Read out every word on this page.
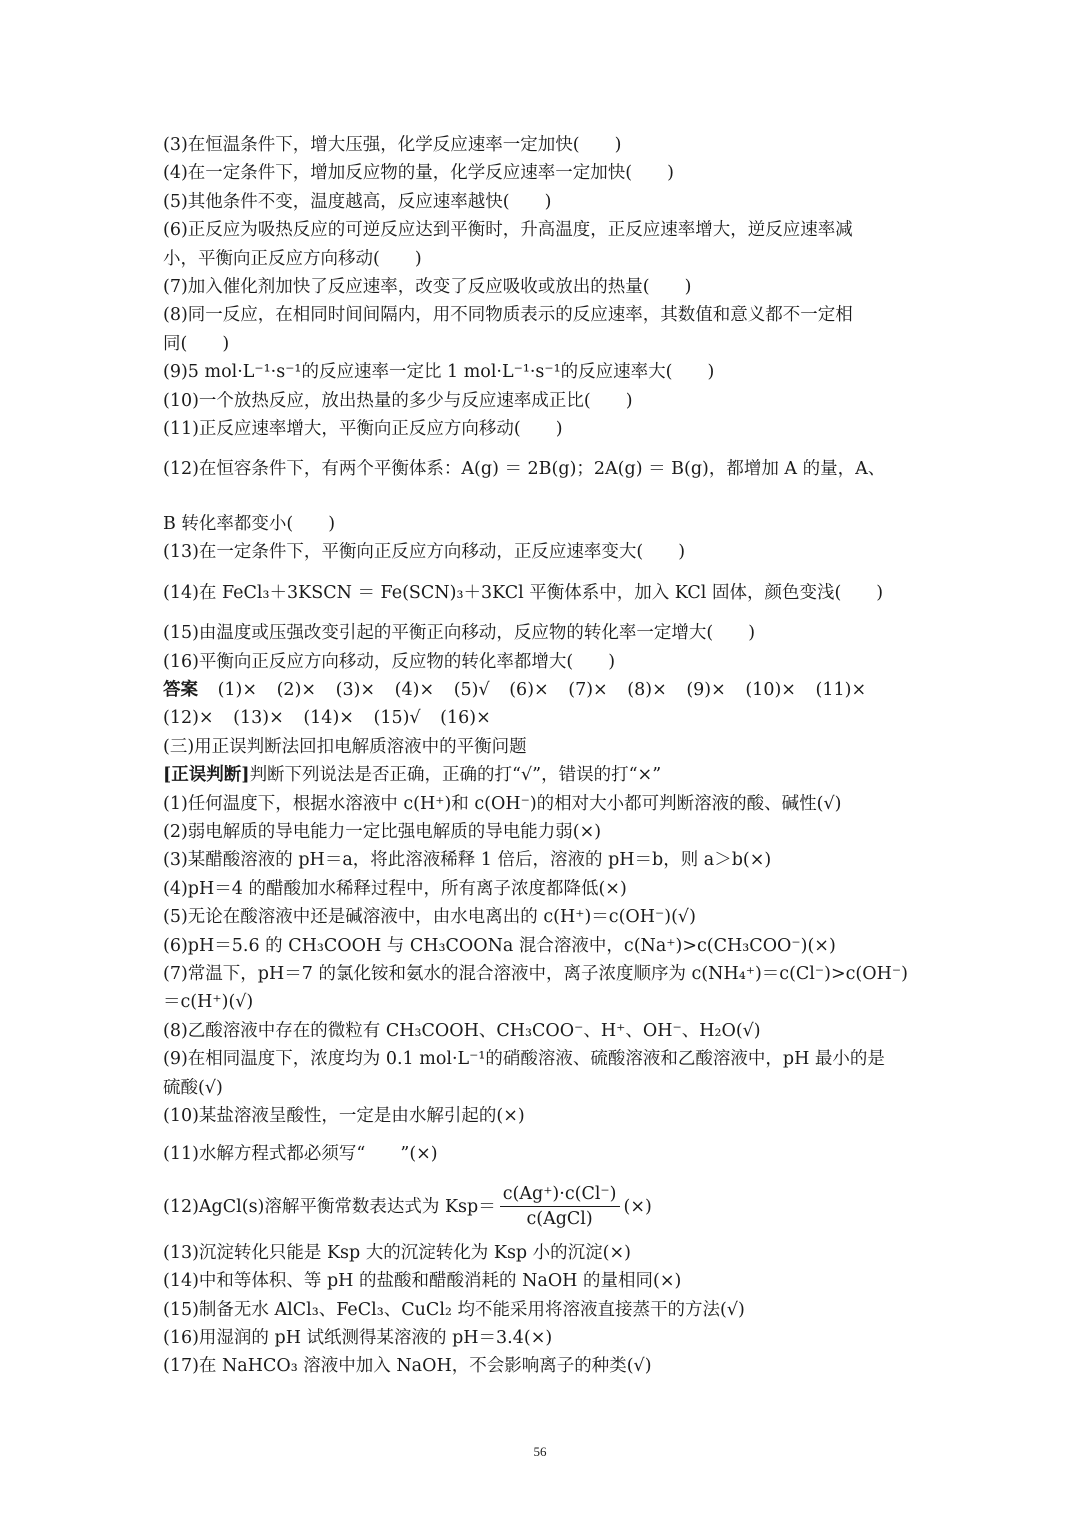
(3)在恒温条件下，增大压强，化学反应速率一定加快(　　)
(4)在一定条件下，增加反应物的量，化学反应速率一定加快(　　)
(5)其他条件不变，温度越高，反应速率越快(　　)
(6)正反应为吸热反应的可逆反应达到平衡时，升高温度，正反应速率增大，逆反应速率减
小，平衡向正反应方向移动(　　)
(7)加入催化剂加快了反应速率，改变了反应吸收或放出的热量(　　)
(8)同一反应，在相同时间间隔内，用不同物质表示的反应速率，其数值和意义都不一定相
同(　　)
(9)5 mol·L⁻¹·s⁻¹的反应速率一定比 1 mol·L⁻¹·s⁻¹的反应速率大(　　)
(10)一个放热反应，放出热量的多少与反应速率成正比(　　)
(11)正反应速率增大，平衡向正反应方向移动(　　)
(12)在恒容条件下，有两个平衡体系：A(g) ＝ 2B(g)；2A(g) ＝ B(g)，都增加 A 的量，A、
B 转化率都变小(　　)
(13)在一定条件下，平衡向正反应方向移动，正反应速率变大(　　)
(14)在 FeCl₃＋3KSCN ＝ Fe(SCN)₃＋3KCl 平衡体系中，加入 KCl 固体，颜色变浅(　　)
(15)由温度或压强改变引起的平衡正向移动，反应物的转化率一定增大(　　)
(16)平衡向正反应方向移动，反应物的转化率都增大(　　)
答案 (1)× (2)× (3)× (4)× (5)√ (6)× (7)× (8)× (9)× (10)× (11)×
(12)× (13)× (14)× (15)√ (16)×
(三)用正误判断法回扣电解质溶液中的平衡问题
[正误判断]判断下列说法是否正确，正确的打“√”，错误的打“×”
(1)任何温度下，根据水溶液中 c(H⁺)和 c(OH⁻)的相对大小都可判断溶液的酸、碱性(√)
(2)弱电解质的导电能力一定比强电解质的导电能力弱(×)
(3)某醋酸溶液的 pH＝a，将此溶液稀释 1 倍后，溶液的 pH＝b，则 a＞b(×)
(4)pH＝4 的醋酸加水稀释过程中，所有离子浓度都降低(×)
(5)无论在酸溶液中还是碱溶液中，由水电离出的 c(H⁺)＝c(OH⁻)(√)
(6)pH＝5.6 的 CH₃COOH 与 CH₃COONa 混合溶液中，c(Na⁺)>c(CH₃COO⁻)(×)
(7)常温下，pH＝7 的氯化铵和氨水的混合溶液中，离子浓度顺序为 c(NH₄⁺)＝c(Cl⁻)>c(OH⁻)
＝c(H⁺)(√)
(8)乙酸溶液中存在的微粒有 CH₃COOH、CH₃COO⁻、H⁺、OH⁻、H₂O(√)
(9)在相同温度下，浓度均为 0.1 mol·L⁻¹的硝酸溶液、硫酸溶液和乙酸溶液中，pH 最小的是
硫酸(√)
(10)某盐溶液呈酸性，一定是由水解引起的(×)
(11)水解方程式都必须写“　　”(×)
(12)AgCl(s)溶解平衡常数表达式为 $Ksp= \frac{c(Ag^+)\cdot c(Cl^-)}{\text{c(AgCl)}}$ (×)
(13)沉淀转化只能是 Ksp 大的沉淀转化为 Ksp 小的沉淀(×)
(14)中和等体积、等 pH 的盐酸和醋酸消耗的 NaOH 的量相同(×)
(15)制备无水 AlCl₃、FeCl₃、CuCl₂ 均不能采用将溶液直接蒸干的方法(√)
(16)用湿润的 pH 试纸测得某溶液的 pH＝3.4(×)
(17)在 NaHCO₃ 溶液中加入 NaOH，不会影响离子的种类(√)
56
